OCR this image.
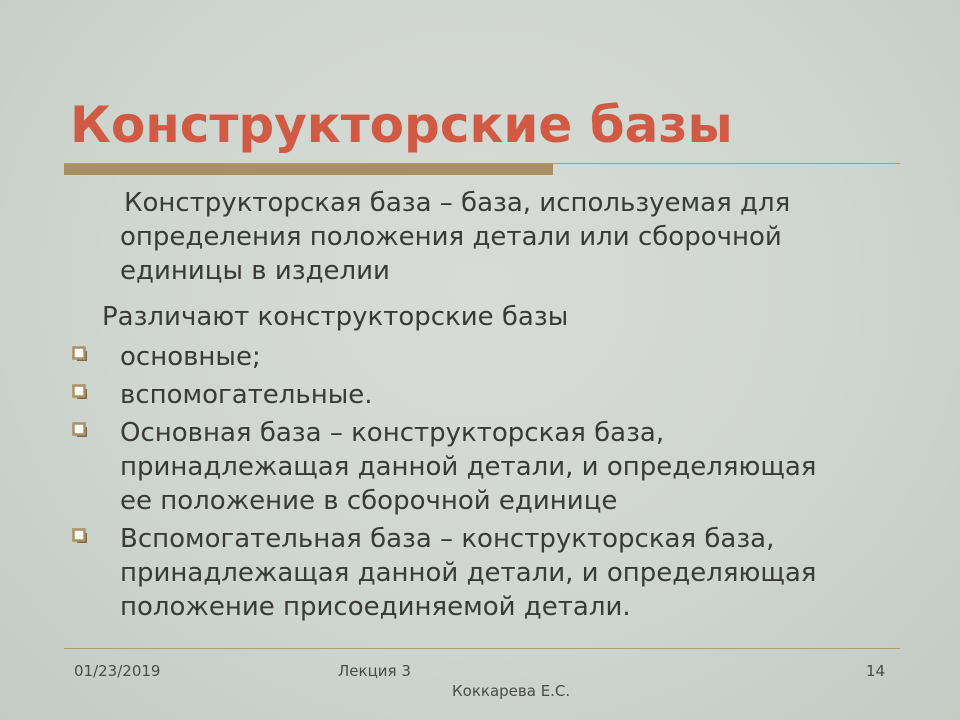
Конструкторские базы
Конструкторская база – база, используемая для
определения положения детали или сборочной
единицы в изделии
Различают конструкторские базы
основные;
вспомогательные.
Основная база – конструкторская база,
принадлежащая данной детали, и определяющая
ее положение в сборочной единице
Вспомогательная база – конструкторская база,
принадлежащая данной детали, и определяющая
положение присоединяемой детали.
01/23/2019	Лекция 3
Коккарева Е.С.
14
